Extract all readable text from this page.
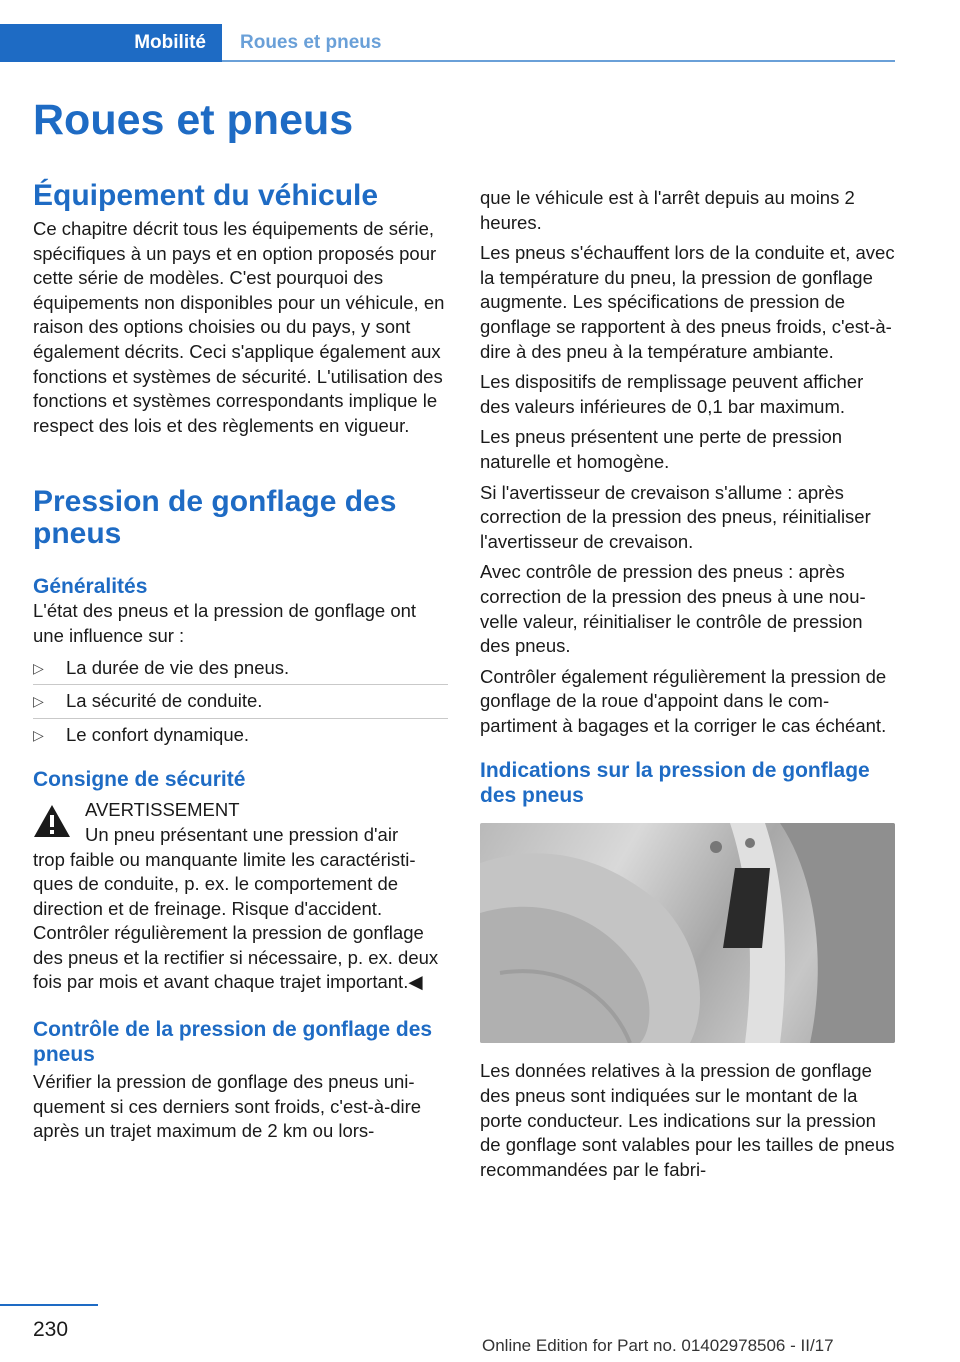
Mobilité Roues et pneus
Roues et pneus
Équipement du véhicule

Ce chapitre décrit tous les équipements de série, spécifiques à un pays et en option proposés pour cette série de modèles. C'est pourquoi des équipements non disponibles pour un véhicule, en raison des options choisies ou du pays, y sont également décrits. Ceci s'applique également aux fonctions et systèmes de sécurité. L'utilisation des fonctions et systèmes correspondants implique le respect des lois et des règlements en vigueur.

Pression de gonflage des pneus
Généralités

L'état des pneus et la pression de gonflage ont une influence sur :

▷ La durée de vie des pneus.
▷ La sécurité de conduite.
▷ Le confort dynamique.
Consigne de sécurité

AVERTISSEMENT

Un pneu présentant une pression d'air

trop faible ou manquante limite les caractéristiques de conduite, p. ex. le comportement de direction et de freinage. Risque d'accident. Contrôler régulièrement la pression de gonflage des pneus et la rectifier si nécessaire, p. ex. deux fois par mois et avant chaque trajet important.◀

Contrôle de la pression de gonflage des pneus

Vérifier la pression de gonflage des pneus uniquement si ces derniers sont froids, c'est-à-dire après un trajet maximum de 2 km ou lors-

que le véhicule est à l'arrêt depuis au moins 2 heures.

Les pneus s'échauffent lors de la conduite et, avec la température du pneu, la pression de gonflage augmente. Les spécifications de pression de gonflage se rapportent à des pneus froids, c'est-à-dire à des pneu à la température ambiante.

Les dispositifs de remplissage peuvent afficher des valeurs inférieures de 0,1 bar maximum.

Les pneus présentent une perte de pression naturelle et homogène.

Si l'avertisseur de crevaison s'allume : après correction de la pression des pneus, réinitialiser l'avertisseur de crevaison.

Avec contrôle de pression des pneus : après correction de la pression des pneus à une nouvelle valeur, réinitialiser le contrôle de pression des pneus.

Contrôler également régulièrement la pression de gonflage de la roue d'appoint dans le compartiment à bagages et la corriger le cas échéant.

Indications sur la pression de gonflage des pneus

Les données relatives à la pression de gonflage des pneus sont indiquées sur le montant de la porte conducteur. Les indications sur la pression de gonflage sont valables pour les tailles de pneus recommandées par le fabri-

230
Online Edition for Part no. 01402978506 - II/17
